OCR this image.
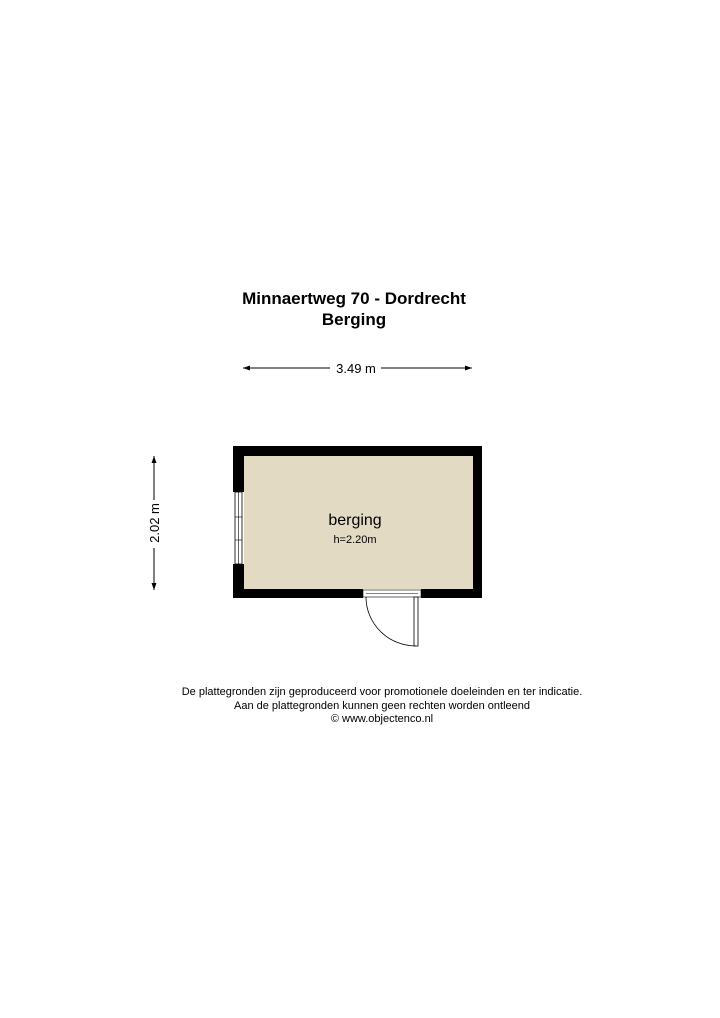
Minnaertweg 70 - Dordrecht
Berging
3.49 m
2.02 m	berging
h=2.20m
De plattegronden zijn geproduceerd voor promotionele doeleinden en ter indicatie.
Aan de plattegronden kunnen geen rechten worden ontleend
© www.objectenco.nl
